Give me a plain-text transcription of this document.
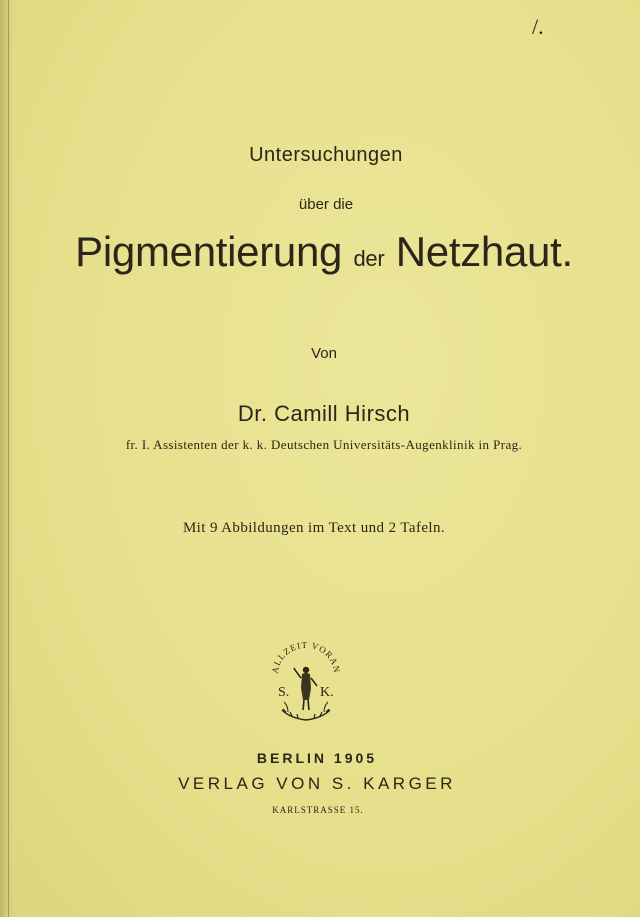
/.
Untersuchungen
über die
Pigmentierung der Netzhaut.
Von
Dr. Camill Hirsch
fr. I. Assistenten der k. k. Deutschen Universitäts-Augenklinik in Prag.
Mit 9 Abbildungen im Text und 2 Tafeln.
ALLZEIT VORAN
S. K.
BERLIN 1905
VERLAG VON S. KARGER
KARLSTRASSE 15.
